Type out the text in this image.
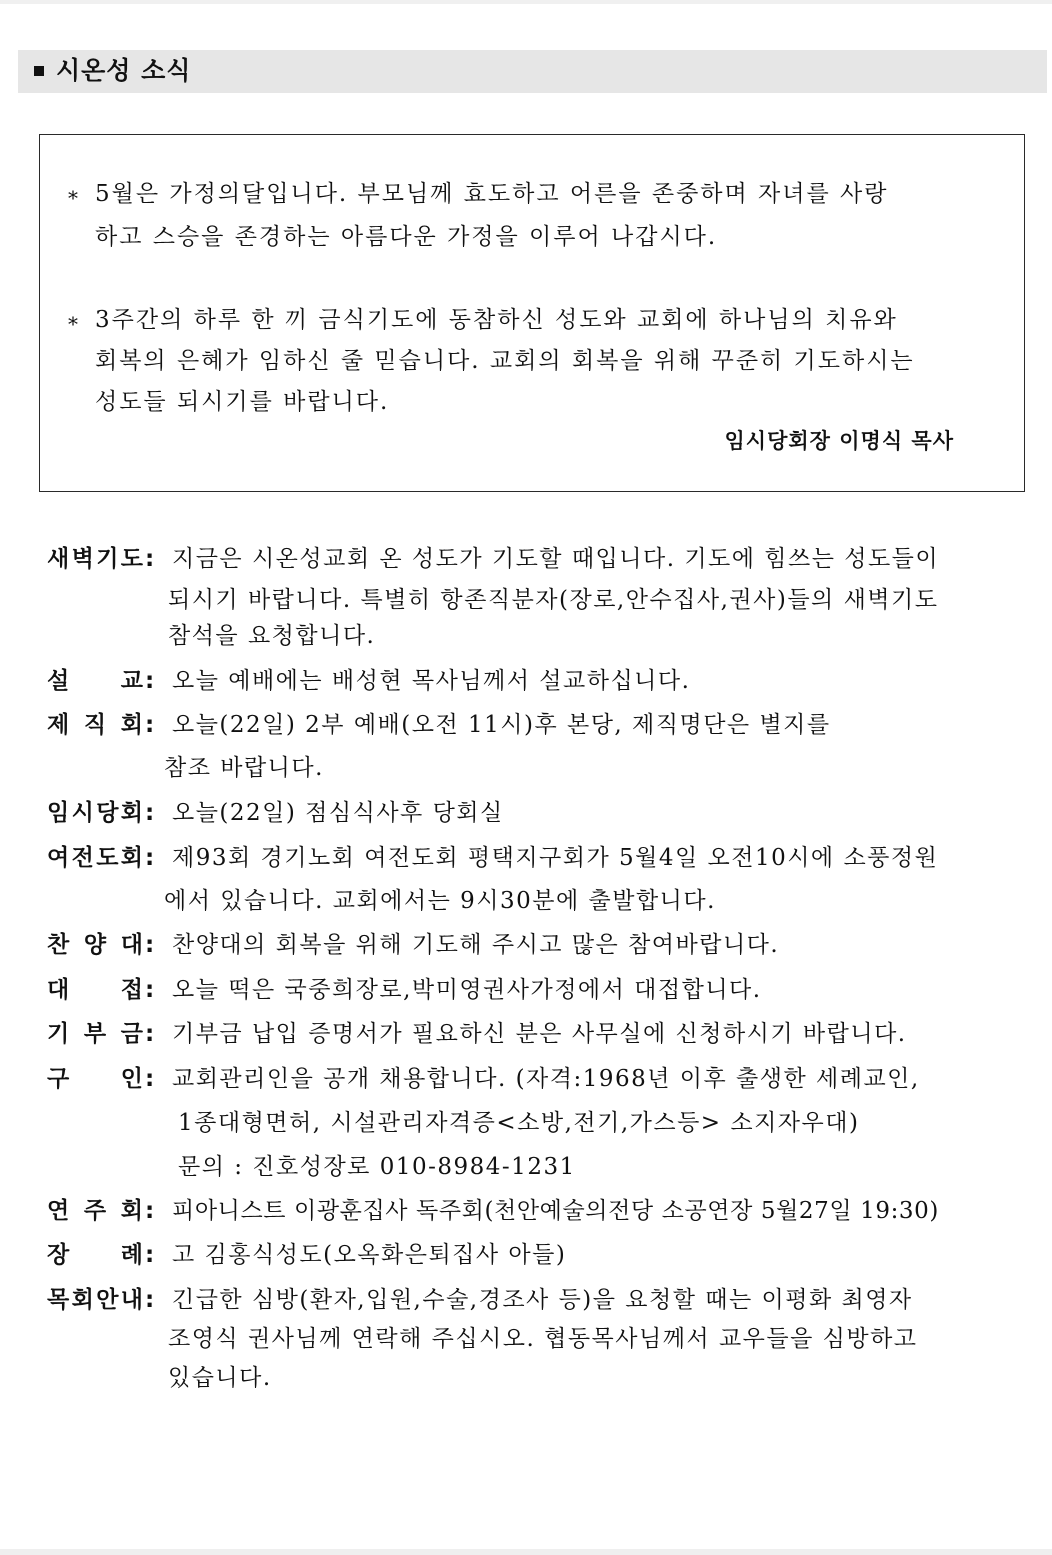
시온성 소식
* 5월은 가정의달입니다. 부모님께 효도하고 어른을 존중하며 자녀를 사랑
하고 스승을 존경하는 아름다운 가정을 이루어 나갑시다.
* 3주간의 하루 한 끼 금식기도에 동참하신 성도와 교회에 하나님의 치유와
회복의 은혜가 임하신 줄 믿습니다. 교회의 회복을 위해 꾸준히 기도하시는
성도들 되시기를 바랍니다.
임시당회장 이명식 목사
새 벽 기 도 : 지금은 시온성교회 온 성도가 기도할 때입니다. 기도에 힘쓰는 성도들이
되시기 바랍니다. 특별히 항존직분자(장로,안수집사,권사)들의 새벽기도
참석을 요청합니다.
설 교 : 오늘 예배에는 배성현 목사님께서 설교하십니다.
제 직 회 : 오늘(22일) 2부 예배(오전 11시)후 본당, 제직명단은 별지를
참조 바랍니다.
임 시 당 회 : 오늘(22일) 점심식사후 당회실
여 전 도 회 : 제93회 경기노회 여전도회 평택지구회가 5월4일 오전10시에 소풍정원
에서 있습니다. 교회에서는 9시30분에 출발합니다.
찬 양 대 : 찬양대의 회복을 위해 기도해 주시고 많은 참여바랍니다.
대 접 : 오늘 떡은 국중희장로,박미영권사가정에서 대접합니다.
기 부 금 : 기부금 납입 증명서가 필요하신 분은 사무실에 신청하시기 바랍니다.
구 인 : 교회관리인을 공개 채용합니다. (자격:1968년 이후 출생한 세례교인,
1종대형면허, 시설관리자격증<소방,전기,가스등> 소지자우대)
문의 : 진호성장로 010-8984-1231
연 주 회 : 피아니스트 이광훈집사 독주회(천안예술의전당 소공연장 5월27일 19:30)
장 례 : 고 김홍식성도(오옥화은퇴집사 아들)
목 회 안 내 : 긴급한 심방(환자,입원,수술,경조사 등)을 요청할 때는 이평화 최영자
조영식 권사님께 연락해 주십시오. 협동목사님께서 교우들을 심방하고
있습니다.
